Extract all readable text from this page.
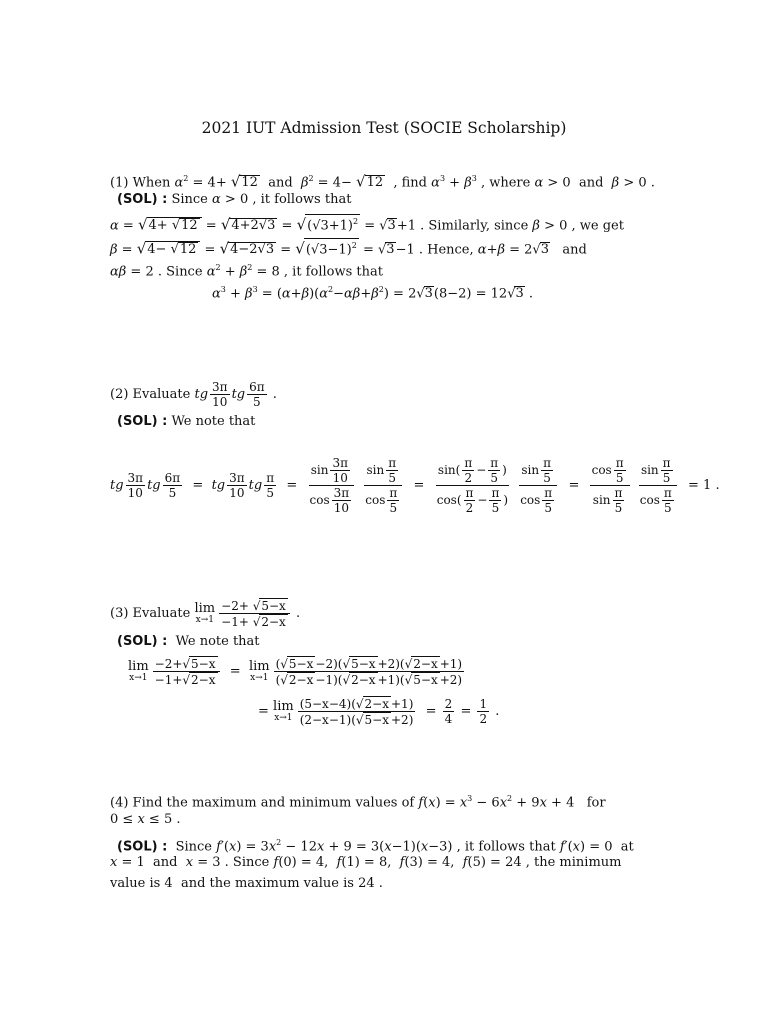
2021 IUT Admission Test (SOCIE Scholarship)
(1) When $\alpha^2 = 4+ √12$ and $\beta^2 = 4- √12$ , find $\alpha^3 + \beta^3$ , where α > 0  and β > 0 .
(SOL) : Since α > 0 , it follows that
$\alpha = √4+ √12 = √4+2√3 = √(√3+1)^2 = √3+1$ . Similarly, since β > 0 , we get
$\beta = √4- √12 = √4-2√3 = √(√3-1)^2 = √3-1$ . Hence, α+β = 2√3 and
αβ = 2 . Since $\alpha^2 + \beta^2 = 8$ , it follows that
$\alpha^3 + \beta^3 = (\alpha+\beta)(\alpha^2-\alpha\beta+\beta^2) = 2√3(8-2) = 12√3$ .
(2) Evaluate tg $\frac{3\pi}{10}$ tg $\frac{6\pi}{5}$ .
(SOL) : We note that
tg $\frac{3\pi}{10}$ tg $\frac{6\pi}{5}$ =  tg $\frac{3\pi}{10}$ tg $\frac{\pi}{5} = \frac{\sin \frac{3\pi}{10}}{\cos \frac{3\pi}{10}}$
$\frac{\sin \frac{\pi}{5}}{\cos \frac{\pi}{5}} = \frac{\sin( \frac{\pi}{2} - \frac{\pi}{5} )}{\cos( \frac{\pi}{2} - \frac{\pi}{5} )}$
$\frac{\sin \frac{\pi}{5}}{\cos \frac{\pi}{5}} = \frac{\cos \frac{\pi}{5}}{\sin \frac{\pi}{5}}$
$\frac{\sin \frac{\pi}{5}}{\cos \frac{\pi}{5}} = 1$ .
(3) Evaluate lim
$x\to 1 \frac{-2+ √5-x}{-1+ √2-x}$ .
(SOL) : We note that
lim
$x\to 1 \frac{-2+√5-x}{-1+√2-x} = \lim$
$x\to 1 \frac{(√5-x -2)(√5-x +2)(√2-x +1)}{(√2-x -1)(√2-x +1)(√5-x +2)}$
= lim
$x\to 1 \frac{(5-x-4)(√2-x +1)}{(2-x-1)(√5-x +2)} = \frac{2}{4} = \frac{1}{2}$ .
(4) Find the maximum and minimum values of $f(x) = x^3 - 6x^2 + 9x + 4$   for
0 ≤ x ≤ 5 .
(SOL) : Since $f'(x) = 3x^2 - 12x + 9 = 3(x-1)(x-3)$ , it follows that f′(x) = 0  at
x = 1  and x = 3 . Since f(0) = 4,  f(1) = 8,  f(3) = 4,  f(5) = 24 , the minimum
value is 4  and the maximum value is 24 .
